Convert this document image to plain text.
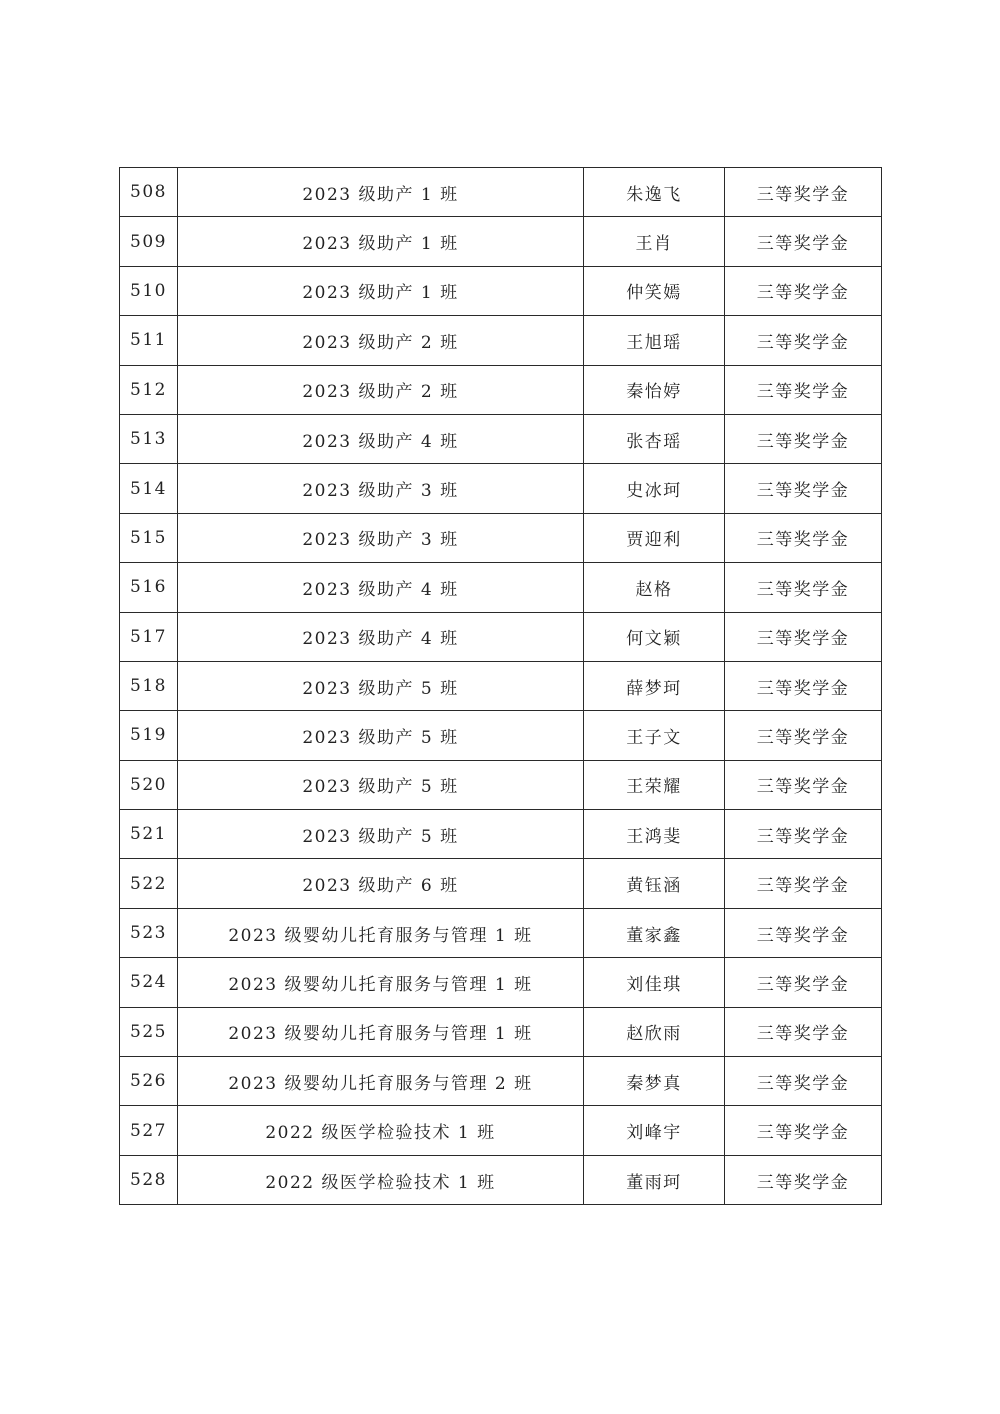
508	2023 级助产 1 班	朱逸飞	三等奖学金
509	2023 级助产 1 班	王肖	三等奖学金
510	2023 级助产 1 班	仲笑嫣	三等奖学金
511	2023 级助产 2 班	王旭瑶	三等奖学金
512	2023 级助产 2 班	秦怡婷	三等奖学金
513	2023 级助产 4 班	张杏瑶	三等奖学金
514	2023 级助产 3 班	史冰珂	三等奖学金
515	2023 级助产 3 班	贾迎利	三等奖学金
516	2023 级助产 4 班	赵格	三等奖学金
517	2023 级助产 4 班	何文颖	三等奖学金
518	2023 级助产 5 班	薛梦珂	三等奖学金
519	2023 级助产 5 班	王子文	三等奖学金
520	2023 级助产 5 班	王荣耀	三等奖学金
521	2023 级助产 5 班	王鸿斐	三等奖学金
522	2023 级助产 6 班	黄钰涵	三等奖学金
523	2023 级婴幼儿托育服务与管理 1 班	董家鑫	三等奖学金
524	2023 级婴幼儿托育服务与管理 1 班	刘佳琪	三等奖学金
525	2023 级婴幼儿托育服务与管理 1 班	赵欣雨	三等奖学金
526	2023 级婴幼儿托育服务与管理 2 班	秦梦真	三等奖学金
527	2022 级医学检验技术 1 班	刘峰宇	三等奖学金
528	2022 级医学检验技术 1 班	董雨珂	三等奖学金
